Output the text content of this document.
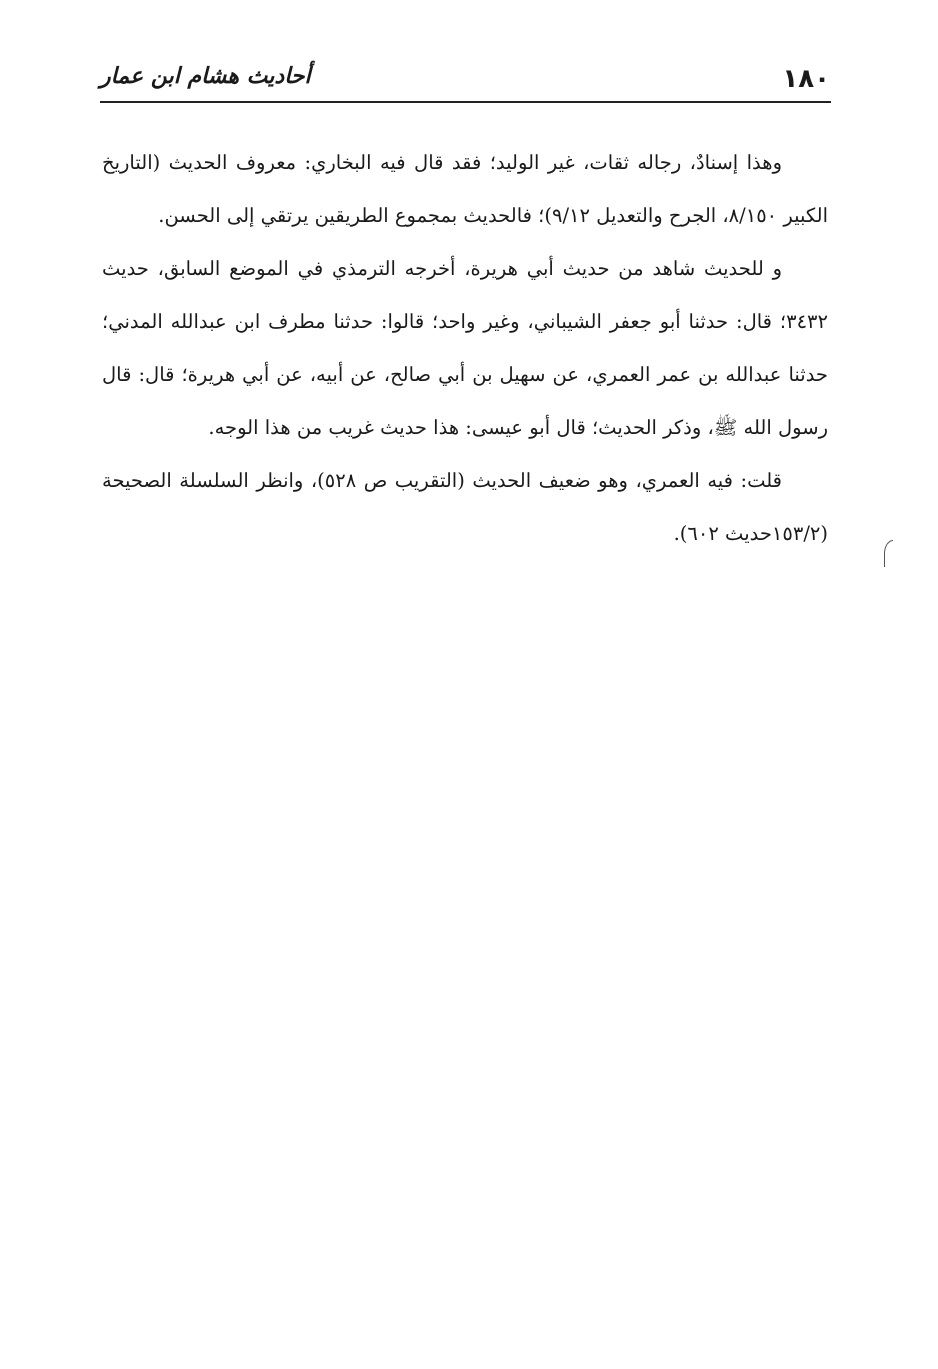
١٨٠
أحاديث هشام ابن عمار

وهذا إسنادٌ، رجاله ثقات، غير الوليد؛ فقد قال فيه البخاري: معروف الحديث (التاريخ الكبير ٨/١٥٠، الجرح والتعديل ٩/١٢)؛ فالحديث بمجموع الطريقين يرتقي إلى الحسن.

و للحديث شاهد من حديث أبي هريرة، أخرجه الترمذي في الموضع السابق، حديث ٣٤٣٢؛ قال: حدثنا أبو جعفر الشيباني، وغير واحد؛ قالوا: حدثنا مطرف ابن عبدالله المدني؛ حدثنا عبدالله بن عمر العمري، عن سهيل بن أبي صالح، عن أبيه، عن أبي هريرة؛ قال: قال رسول الله ﷺ، وذكر الحديث؛ قال أبو عيسى: هذا حديث غريب من هذا الوجه.

قلت: فيه العمري، وهو ضعيف الحديث (التقريب ص ٥٢٨)، وانظر السلسلة الصحيحة (١٥٣/٢حديث ٦٠٢).
